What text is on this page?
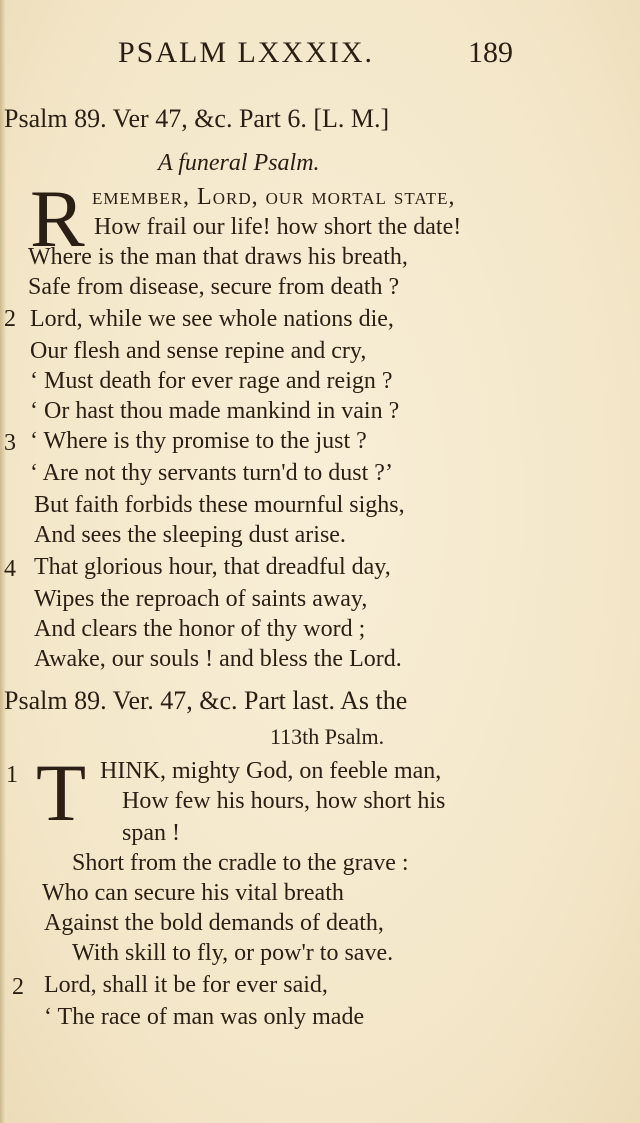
PSALM LXXXIX.	189
Psalm 89. Ver 47, &c. Part 6. [L. M.]
A funeral Psalm.
R emember, Lord, our mortal state,
How frail our life! how short the date!
Where is the man that draws his breath,
Safe from disease, secure from death ?
2 Lord, while we see whole nations die,
Our flesh and sense repine and cry,
‘ Must death for ever rage and reign ?
‘ Or hast thou made mankind in vain ?
3 ‘ Where is thy promise to the just ?
‘ Are not thy servants turn'd to dust ?’
But faith forbids these mournful sighs,
And sees the sleeping dust arise.
4 That glorious hour, that dreadful day,
Wipes the reproach of saints away,
And clears the honor of thy word ;
Awake, our souls ! and bless the Lord.
Psalm 89. Ver. 47, &c. Part last. As the
113th Psalm.
1 T HINK, mighty God, on feeble man,
How few his hours, how short his
span !
Short from the cradle to the grave :
Who can secure his vital breath
Against the bold demands of death,
With skill to fly, or pow'r to save.
2 Lord, shall it be for ever said,
‘ The race of man was only made
